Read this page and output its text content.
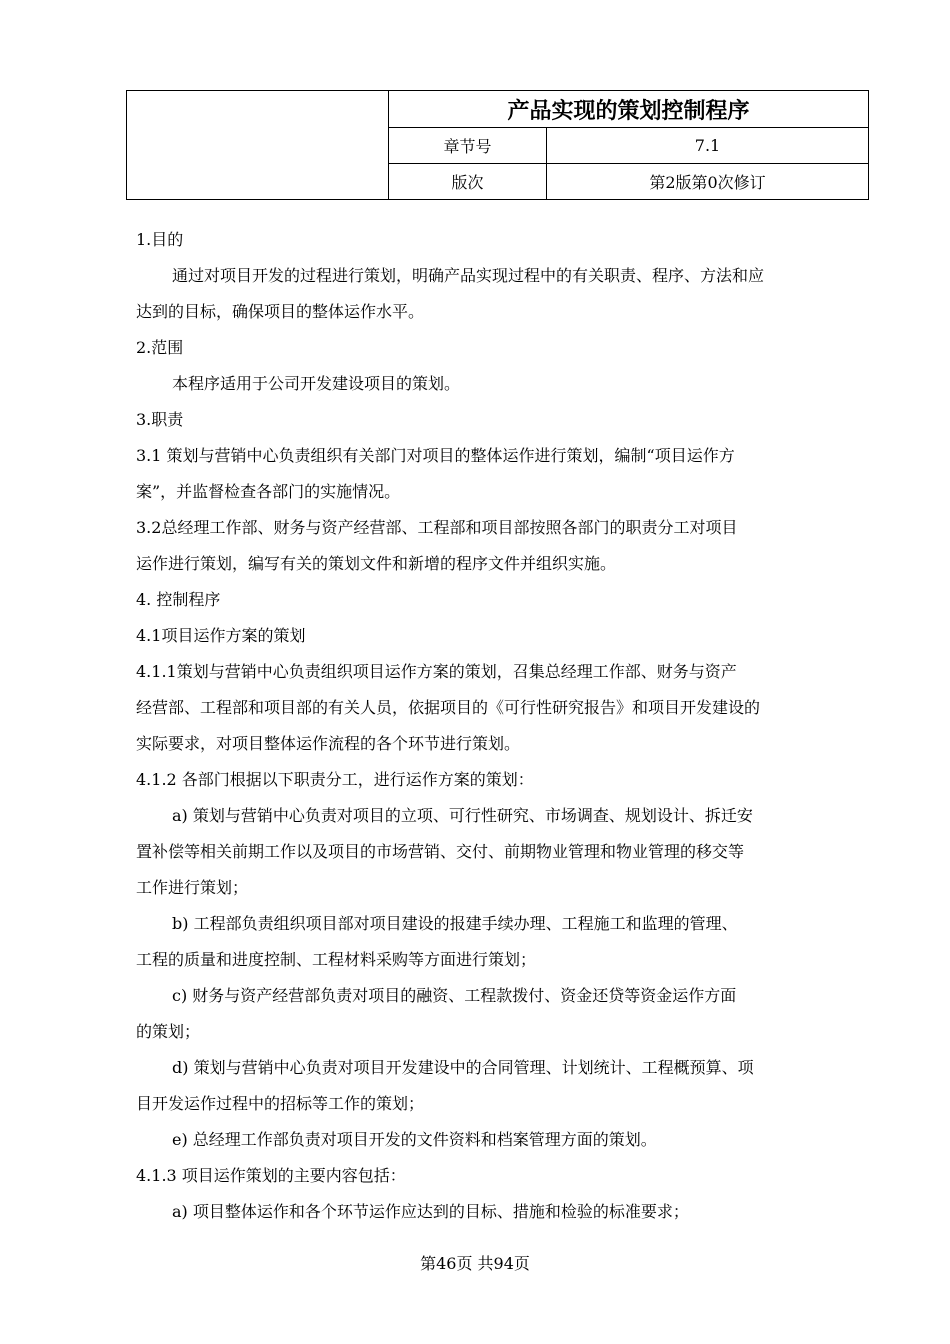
	产品实现的策划控制程序	
	章节号	7.1
	版次	第2版第0次修订
1.目的
通过对项目开发的过程进行策划，明确产品实现过程中的有关职责、程序、方法和应
达到的目标，确保项目的整体运作水平。
2.范围
本程序适用于公司开发建设项目的策划。
3.职责
3.1 策划与营销中心负责组织有关部门对项目的整体运作进行策划，编制“项目运作方
案”，并监督检查各部门的实施情况。
3.2总经理工作部、财务与资产经营部、工程部和项目部按照各部门的职责分工对项目
运作进行策划，编写有关的策划文件和新增的程序文件并组织实施。
4. 控制程序
4.1项目运作方案的策划
4.1.1策划与营销中心负责组织项目运作方案的策划，召集总经理工作部、财务与资产
经营部、工程部和项目部的有关人员，依据项目的《可行性研究报告》和项目开发建设的
实际要求，对项目整体运作流程的各个环节进行策划。
4.1.2 各部门根据以下职责分工，进行运作方案的策划：
a) 策划与营销中心负责对项目的立项、可行性研究、市场调查、规划设计、拆迁安
置补偿等相关前期工作以及项目的市场营销、交付、前期物业管理和物业管理的移交等
工作进行策划；
b) 工程部负责组织项目部对项目建设的报建手续办理、工程施工和监理的管理、
工程的质量和进度控制、工程材料采购等方面进行策划；
c) 财务与资产经营部负责对项目的融资、工程款拨付、资金还贷等资金运作方面
的策划；
d) 策划与营销中心负责对项目开发建设中的合同管理、计划统计、工程概预算、项
目开发运作过程中的招标等工作的策划；
e) 总经理工作部负责对项目开发的文件资料和档案管理方面的策划。
4.1.3 项目运作策划的主要内容包括：
a) 项目整体运作和各个环节运作应达到的目标、措施和检验的标准要求；
第46页 共94页
